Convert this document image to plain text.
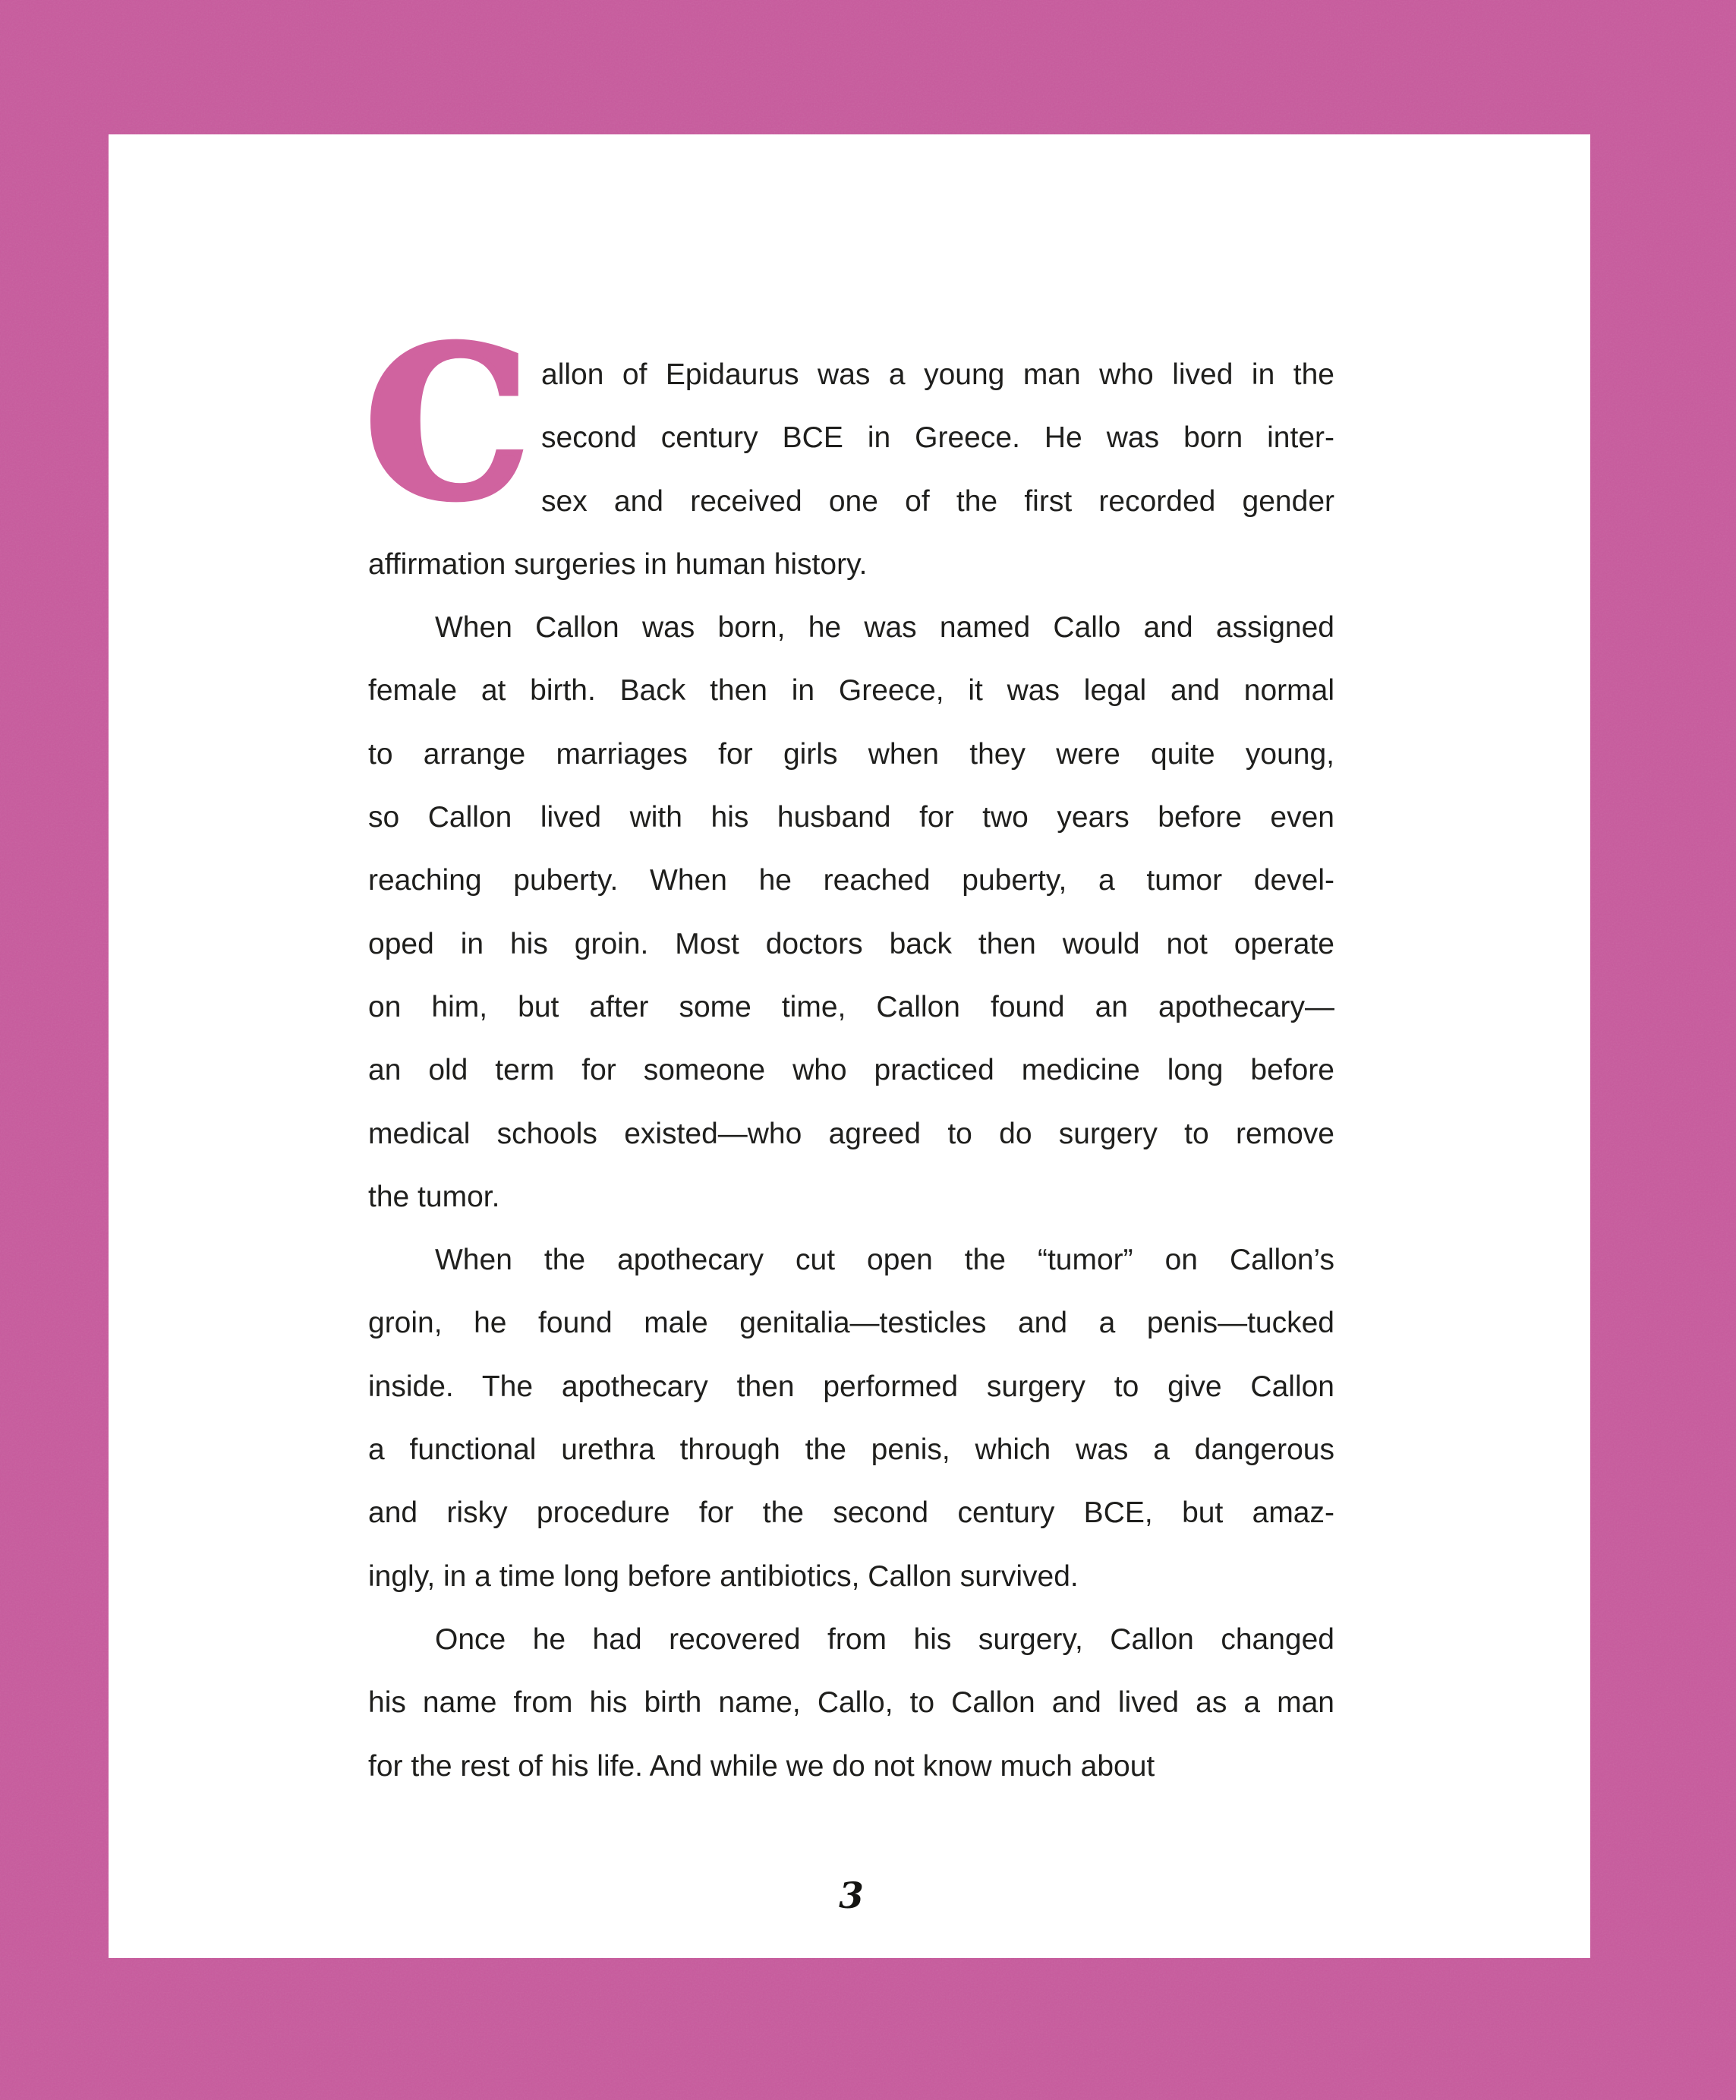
C allon of Epidaurus was a young man who lived in the
second century BCE in Greece. He was born inter-
sex and received one of the first recorded gender
affirmation surgeries in human history.
When Callon was born, he was named Callo and assigned
female at birth. Back then in Greece, it was legal and normal
to arrange marriages for girls when they were quite young,
so Callon lived with his husband for two years before even
reaching puberty. When he reached puberty, a tumor devel-
oped in his groin. Most doctors back then would not operate
on him, but after some time, Callon found an apothecary—
an old term for someone who practiced medicine long before
medical schools existed—who agreed to do surgery to remove
the tumor.
When the apothecary cut open the “tumor” on Callon’s
groin, he found male genitalia—testicles and a penis—tucked
inside. The apothecary then performed surgery to give Callon
a functional urethra through the penis, which was a dangerous
and risky procedure for the second century BCE, but amaz-
ingly, in a time long before antibiotics, Callon survived.
Once he had recovered from his surgery, Callon changed
his name from his birth name, Callo, to Callon and lived as a man
for the rest of his life. And while we do not know much about
3
